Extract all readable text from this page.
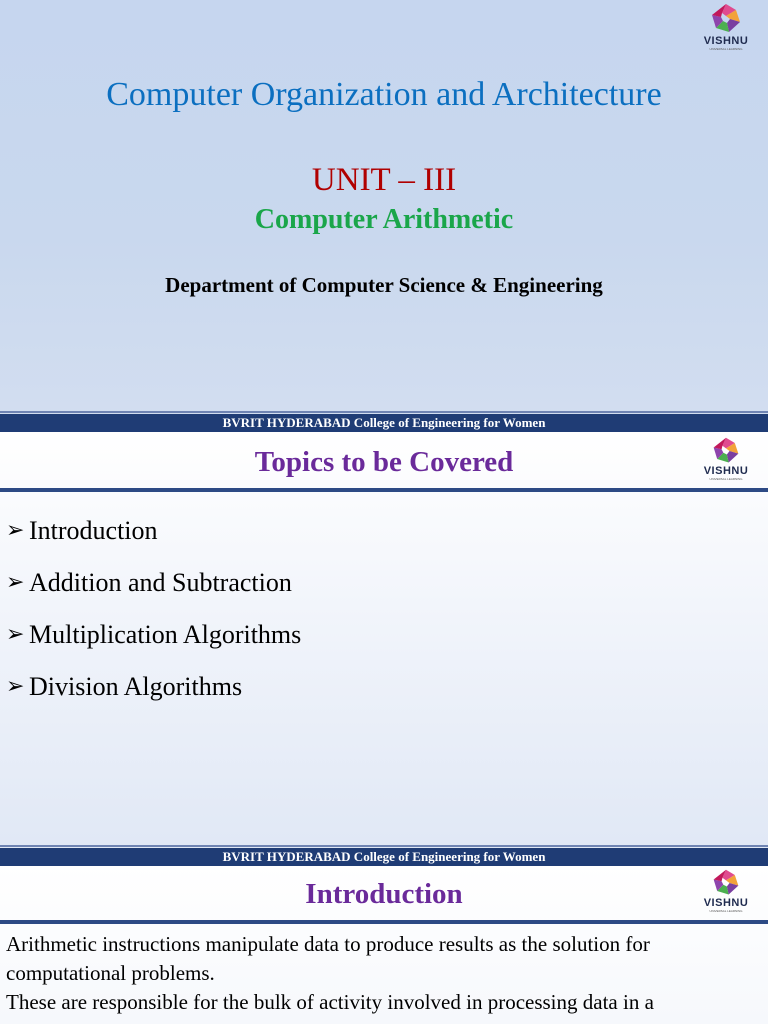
VISHNU
UNIVERSAL LEARNING
Computer Organization and Architecture
UNIT – III
Computer Arithmetic
Department of Computer Science & Engineering
BVRIT HYDERABAD College of Engineering for Women
VISHNU
UNIVERSAL LEARNING
Topics to be Covered
➢ Introduction
➢ Addition and Subtraction
➢ Multiplication Algorithms
➢ Division Algorithms
BVRIT HYDERABAD College of Engineering for Women
VISHNU
UNIVERSAL LEARNING
Introduction

Arithmetic instructions manipulate data to produce results as the solution for computational problems.

These are responsible for the bulk of activity involved in processing data in a
